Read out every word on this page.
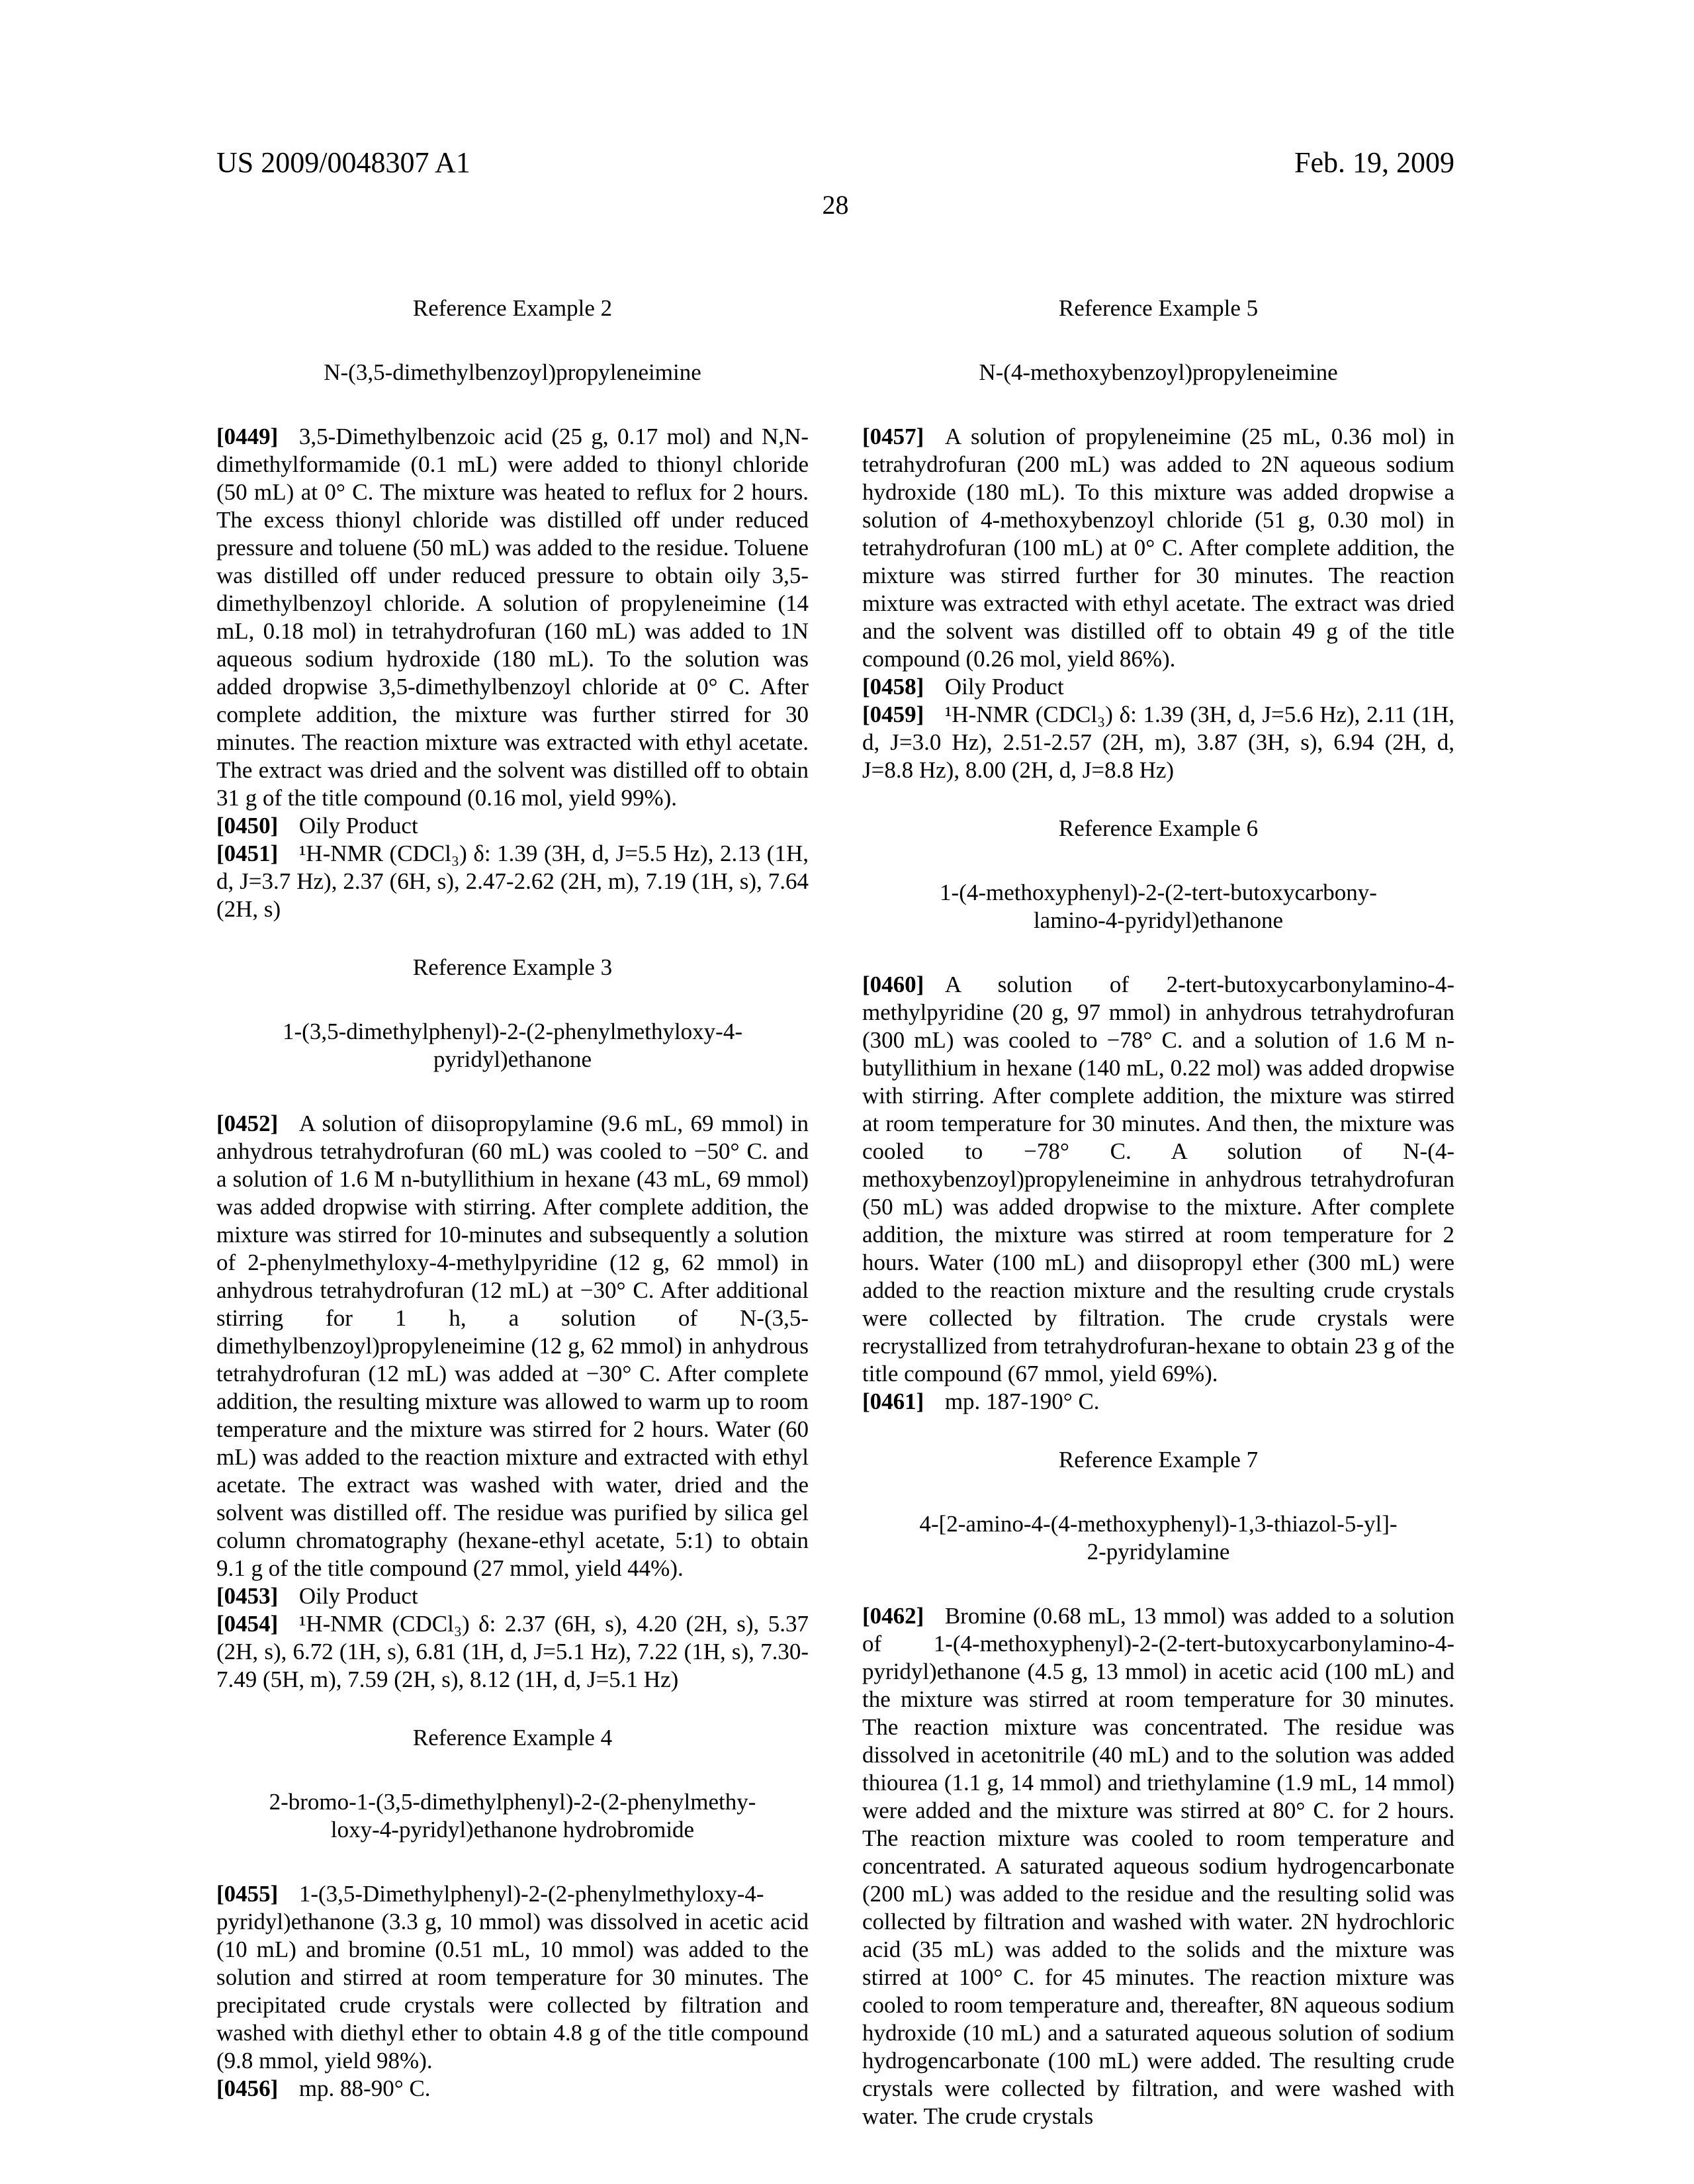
US 2009/0048307 A1	Feb. 19, 2009
28
Reference Example 2
N-(3,5-dimethylbenzoyl)propyleneimine

[0449] 3,5-Dimethylbenzoic acid (25 g, 0.17 mol) and N,N-dimethylformamide (0.1 mL) were added to thionyl chloride (50 mL) at 0° C. The mixture was heated to reflux for 2 hours. The excess thionyl chloride was distilled off under reduced pressure and toluene (50 mL) was added to the residue. Toluene was distilled off under reduced pressure to obtain oily 3,5-dimethylbenzoyl chloride. A solution of propyleneimine (14 mL, 0.18 mol) in tetrahydrofuran (160 mL) was added to 1N aqueous sodium hydroxide (180 mL). To the solution was added dropwise 3,5-dimethylbenzoyl chloride at 0° C. After complete addition, the mixture was further stirred for 30 minutes. The reaction mixture was extracted with ethyl acetate. The extract was dried and the solvent was distilled off to obtain 31 g of the title compound (0.16 mol, yield 99%).

[0450] Oily Product

[0451] ¹H-NMR (CDCl₃) δ: 1.39 (3H, d, J=5.5 Hz), 2.13 (1H, d, J=3.7 Hz), 2.37 (6H, s), 2.47-2.62 (2H, m), 7.19 (1H, s), 7.64 (2H, s)

Reference Example 3
1-(3,5-dimethylphenyl)-2-(2-phenylmethyloxy-4-
pyridyl)ethanone

[0452] A solution of diisopropylamine (9.6 mL, 69 mmol) in anhydrous tetrahydrofuran (60 mL) was cooled to −50° C. and a solution of 1.6 M n-butyllithium in hexane (43 mL, 69 mmol) was added dropwise with stirring. After complete addition, the mixture was stirred for 10-minutes and subsequently a solution of 2-phenylmethyloxy-4-methylpyridine (12 g, 62 mmol) in anhydrous tetrahydrofuran (12 mL) at −30° C. After additional stirring for 1 h, a solution of N-(3,5-dimethylbenzoyl)propyleneimine (12 g, 62 mmol) in anhydrous tetrahydrofuran (12 mL) was added at −30° C. After complete addition, the resulting mixture was allowed to warm up to room temperature and the mixture was stirred for 2 hours. Water (60 mL) was added to the reaction mixture and extracted with ethyl acetate. The extract was washed with water, dried and the solvent was distilled off. The residue was purified by silica gel column chromatography (hexane-ethyl acetate, 5:1) to obtain 9.1 g of the title compound (27 mmol, yield 44%).

[0453] Oily Product

[0454] ¹H-NMR (CDCl₃) δ: 2.37 (6H, s), 4.20 (2H, s), 5.37 (2H, s), 6.72 (1H, s), 6.81 (1H, d, J=5.1 Hz), 7.22 (1H, s), 7.30-7.49 (5H, m), 7.59 (2H, s), 8.12 (1H, d, J=5.1 Hz)

Reference Example 4
2-bromo-1-(3,5-dimethylphenyl)-2-(2-phenylmethy-
loxy-4-pyridyl)ethanone hydrobromide

[0455] 1-(3,5-Dimethylphenyl)-2-(2-phenylmethyloxy-4-pyridyl)ethanone (3.3 g, 10 mmol) was dissolved in acetic acid (10 mL) and bromine (0.51 mL, 10 mmol) was added to the solution and stirred at room temperature for 30 minutes. The precipitated crude crystals were collected by filtration and washed with diethyl ether to obtain 4.8 g of the title compound (9.8 mmol, yield 98%).

[0456] mp. 88-90° C.

Reference Example 5
N-(4-methoxybenzoyl)propyleneimine

[0457] A solution of propyleneimine (25 mL, 0.36 mol) in tetrahydrofuran (200 mL) was added to 2N aqueous sodium hydroxide (180 mL). To this mixture was added dropwise a solution of 4-methoxybenzoyl chloride (51 g, 0.30 mol) in tetrahydrofuran (100 mL) at 0° C. After complete addition, the mixture was stirred further for 30 minutes. The reaction mixture was extracted with ethyl acetate. The extract was dried and the solvent was distilled off to obtain 49 g of the title compound (0.26 mol, yield 86%).

[0458] Oily Product

[0459] ¹H-NMR (CDCl₃) δ: 1.39 (3H, d, J=5.6 Hz), 2.11 (1H, d, J=3.0 Hz), 2.51-2.57 (2H, m), 3.87 (3H, s), 6.94 (2H, d, J=8.8 Hz), 8.00 (2H, d, J=8.8 Hz)

Reference Example 6
1-(4-methoxyphenyl)-2-(2-tert-butoxycarbony-
lamino-4-pyridyl)ethanone

[0460] A solution of 2-tert-butoxycarbonylamino-4-methylpyridine (20 g, 97 mmol) in anhydrous tetrahydrofuran (300 mL) was cooled to −78° C. and a solution of 1.6 M n-butyllithium in hexane (140 mL, 0.22 mol) was added dropwise with stirring. After complete addition, the mixture was stirred at room temperature for 30 minutes. And then, the mixture was cooled to −78° C. A solution of N-(4-methoxybenzoyl)propyleneimine in anhydrous tetrahydrofuran (50 mL) was added dropwise to the mixture. After complete addition, the mixture was stirred at room temperature for 2 hours. Water (100 mL) and diisopropyl ether (300 mL) were added to the reaction mixture and the resulting crude crystals were collected by filtration. The crude crystals were recrystallized from tetrahydrofuran-hexane to obtain 23 g of the title compound (67 mmol, yield 69%).

[0461] mp. 187-190° C.

Reference Example 7
4-[2-amino-4-(4-methoxyphenyl)-1,3-thiazol-5-yl]-
2-pyridylamine

[0462] Bromine (0.68 mL, 13 mmol) was added to a solution of 1-(4-methoxyphenyl)-2-(2-tert-butoxycarbonylamino-4-pyridyl)ethanone (4.5 g, 13 mmol) in acetic acid (100 mL) and the mixture was stirred at room temperature for 30 minutes. The reaction mixture was concentrated. The residue was dissolved in acetonitrile (40 mL) and to the solution was added thiourea (1.1 g, 14 mmol) and triethylamine (1.9 mL, 14 mmol) were added and the mixture was stirred at 80° C. for 2 hours. The reaction mixture was cooled to room temperature and concentrated. A saturated aqueous sodium hydrogencarbonate (200 mL) was added to the residue and the resulting solid was collected by filtration and washed with water. 2N hydrochloric acid (35 mL) was added to the solids and the mixture was stirred at 100° C. for 45 minutes. The reaction mixture was cooled to room temperature and, thereafter, 8N aqueous sodium hydroxide (10 mL) and a saturated aqueous solution of sodium hydrogencarbonate (100 mL) were added. The resulting crude crystals were collected by filtration, and were washed with water. The crude crystals
